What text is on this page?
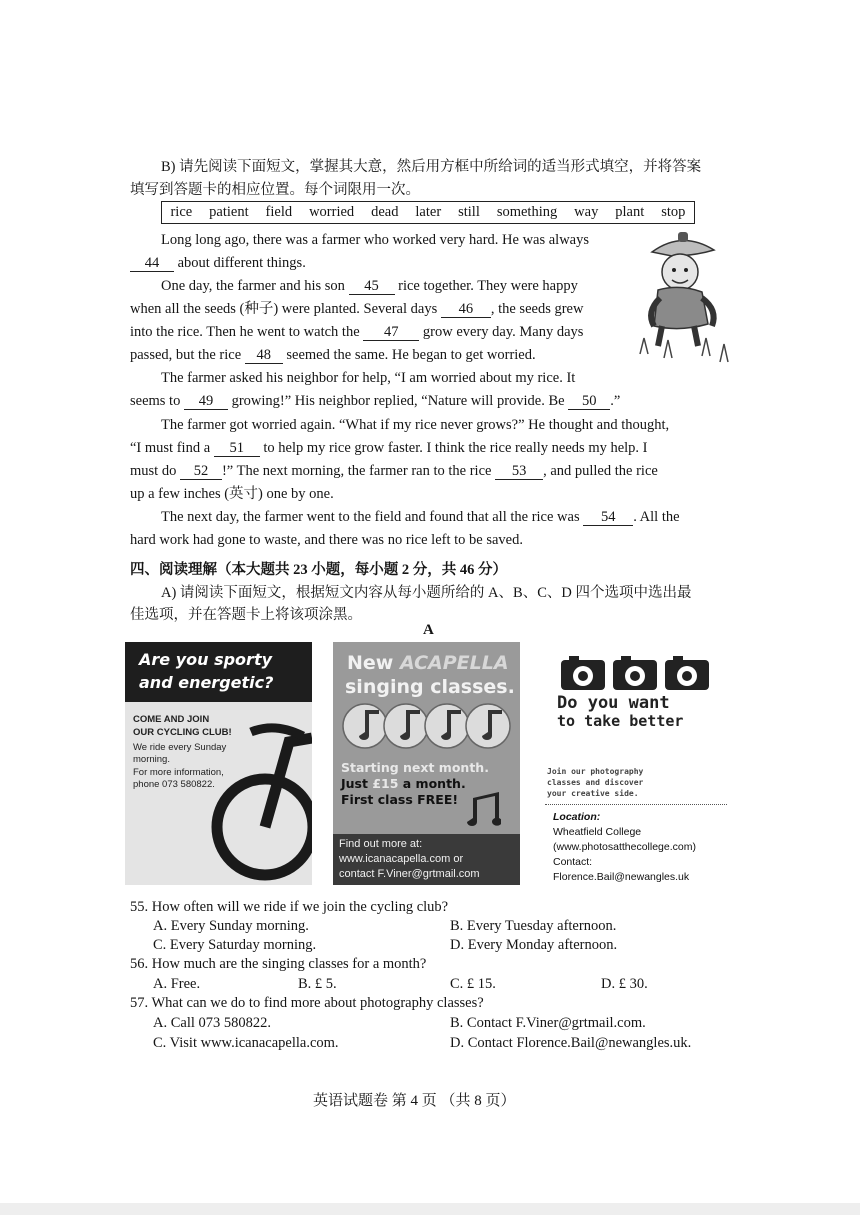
B) 请先阅读下面短文，掌握其大意，然后用方框中所给词的适当形式填空，并将答案
填写到答题卡的相应位置。每个词限用一次。
rice patient field worried dead later still something way plant stop
Long long ago, there was a farmer who worked very hard. He was always
44 about different things.
One day, the farmer and his son 45 rice together. They were happy
when all the seeds (种子) were planted. Several days 46 , the seeds grew
into the rice. Then he went to watch the 47 grow every day. Many days
passed, but the rice 48 seemed the same. He began to get worried.
The farmer asked his neighbor for help, “I am worried about my rice. It
seems to 49 growing!” His neighbor replied, “Nature will provide. Be 50 .”
The farmer got worried again. “What if my rice never grows?” He thought and thought,
“I must find a 51 to help my rice grow faster. I think the rice really needs my help. I
must do 52 !” The next morning, the farmer ran to the rice 53 , and pulled the rice
up a few inches (英寸) one by one.
The next day, the farmer went to the field and found that all the rice was 54 . All the
hard work had gone to waste, and there was no rice left to be saved.
四、阅读理解（本大题共 23 小题，每小题 2 分，共 46 分）
A) 请阅读下面短文，根据短文内容从每小题所给的 A、B、C、D 四个选项中选出最
佳选项，并在答题卡上将该项涂黑。
A
Are you sporty
and energetic?
COME AND JOIN
OUR CYCLING CLUB!
We ride every Sunday
morning.
For more information,
phone 073 580822.
New ACAPELLA
singing classes.
Starting next month.
Just £15 a month.
First class FREE!
Find out more at:
www.icanacapella.com or
contact F.Viner@grtmail.com
Do you want
to take better
Join our photography
classes and discover
your creative side.
Location:
Wheatfield College
(www.photosatthecollege.com)
Contact:
Florence.Bail@newangles.uk
55. How often will we ride if we join the cycling club?
A. Every Sunday morning.	B. Every Tuesday afternoon.
C. Every Saturday morning.	D. Every Monday afternoon.
56. How much are the singing classes for a month?
A. Free.	B. £ 5.	C. £ 15.	D. £ 30.
57. What can we do to find more about photography classes?
A. Call 073 580822.	B. Contact F.Viner@grtmail.com.
C. Visit www.icanacapella.com.	D. Contact Florence.Bail@newangles.uk.
英语试题卷 第 4 页 （共 8 页）
